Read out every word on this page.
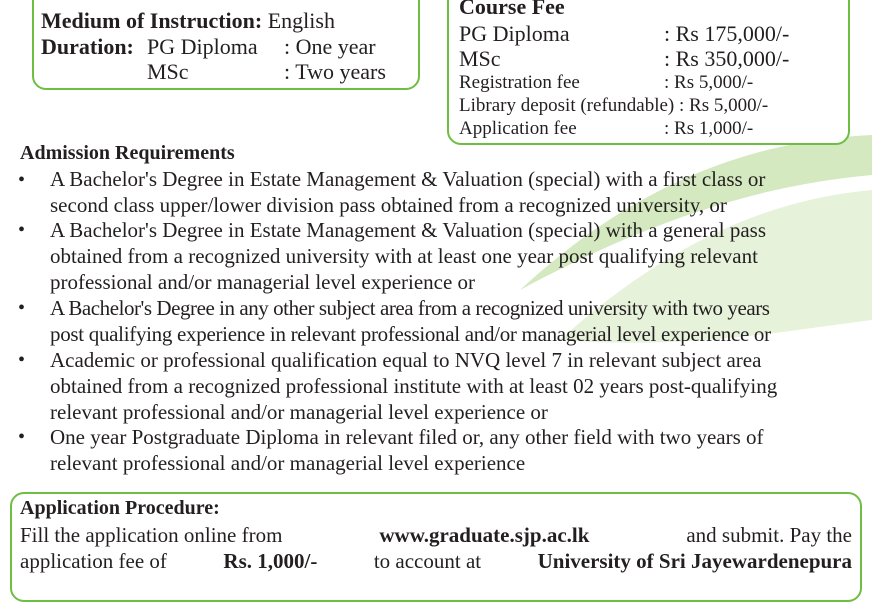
Medium of Instruction: English
Duration: PG Diploma : One year
MSc	: Two years
Course Fee
PG Diploma	: Rs 175,000/-
MSc	: Rs 350,000/-
Registration fee	: Rs 5,000/-
Library deposit (refundable) : Rs 5,000/-
Application fee	: Rs 1,000/-
Admission Requirements
• A Bachelor's Degree in Estate Management & Valuation (special) with a first class or
second class upper/lower division pass obtained from a recognized university, or
• A Bachelor's Degree in Estate Management & Valuation (special) with a general pass
obtained from a recognized university with at least one year post qualifying relevant
professional and/or managerial level experience or
• A Bachelor's Degree in any other subject area from a recognized university with two years
post qualifying experience in relevant professional and/or managerial level experience or
• Academic or professional qualification equal to NVQ level 7 in relevant subject area
obtained from a recognized professional institute with at least 02 years post-qualifying
relevant professional and/or managerial level experience or
• One year Postgraduate Diploma in relevant filed or, any other field with two years of
relevant professional and/or managerial level experience
Application Procedure:
Fill the application online from	www.graduate.sjp.ac.lk	and submit. Pay the
application fee of	Rs. 1,000/-	to account at	University of Sri Jayewardenepura
